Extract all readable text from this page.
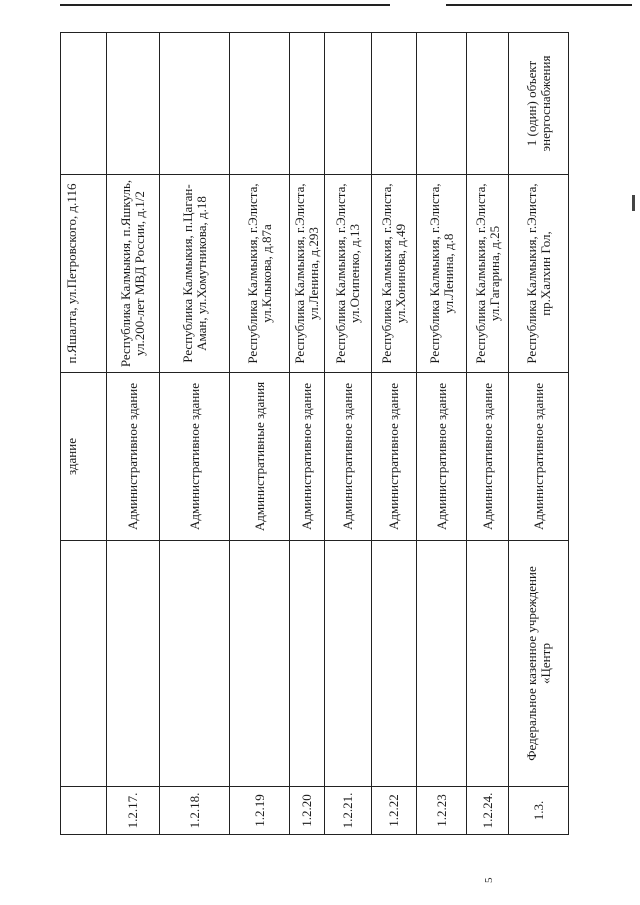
5
		здание	п.Яшалта, ул.Петровского, д.116	
1.2.17.		Административное здание	Республика Калмыкия, п.Яшкуль, ул.200-лет МВД России, д.1/2	
1.2.18.		Административное здание	Республика Калмыкия, п.Цаган-Аман, ул.Хомутникова, д.18	
1.2.19		Административные здания	Республика Калмыкия, г.Элиста, ул.Клыкова, д.87а	
1.2.20		Административное здание	Республика Калмыкия, г.Элиста, ул.Ленина, д.293	
1.2.21.		Административное здание	Республика Калмыкия, г.Элиста, ул.Осипенко, д.13	
1.2.22		Административное здание	Республика Калмыкия, г.Элиста, ул.Хонинова, д.49	
1.2.23		Административное здание	Республика Калмыкия, г.Элиста, ул.Ленина, д.8	
1.2.24.		Административное здание	Республика Калмыкия, г.Элиста, ул.Гагарина, д.25	
1.3.	Федеральное казенное учреждение «Центр	Административное здание	Республика Калмыкия, г.Элиста, пр.Халхин Гол,	1 (один) объект энергоснабжения
